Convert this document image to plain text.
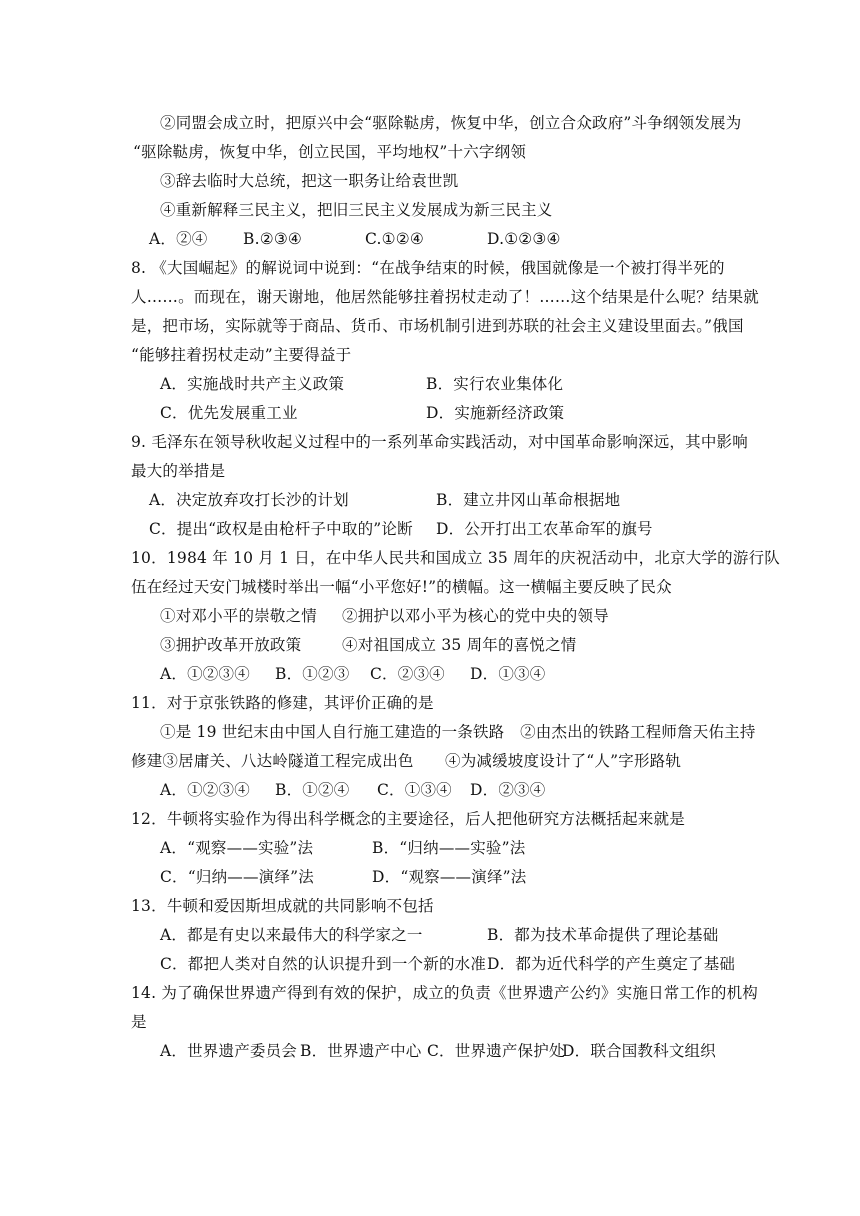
②同盟会成立时，把原兴中会“驱除鞑虏，恢复中华，创立合众政府”斗争纲领发展为
“驱除鞑虏，恢复中华，创立民国，平均地权”十六字纲领
③辞去临时大总统，把这一职务让给袁世凯
④重新解释三民主义，把旧三民主义发展成为新三民主义
A．②④ B.②③④	C.①②④	D.①②③④
8. 《大国崛起》的解说词中说到：“在战争结束的时候，俄国就像是一个被打得半死的
人……。而现在，谢天谢地，他居然能够拄着拐杖走动了！……这个结果是什么呢？结果就
是，把市场，实际就等于商品、货币、市场机制引进到苏联的社会主义建设里面去。”俄国
“能够拄着拐杖走动”主要得益于
A．实施战时共产主义政策	B．实行农业集体化
C．优先发展重工业	D．实施新经济政策
9. 毛泽东在领导秋收起义过程中的一系列革命实践活动，对中国革命影响深远，其中影响
最大的举措是
A．决定放弃攻打长沙的计划	B．建立井冈山革命根据地
C．提出“政权是由枪杆子中取的”论断 D．公开打出工农革命军的旗号
10．1984 年 10 月 1 日，在中华人民共和国成立 35 周年的庆祝活动中，北京大学的游行队
伍在经过天安门城楼时举出一幅“小平您好!”的横幅。这一横幅主要反映了民众
①对邓小平的崇敬之情 ②拥护以邓小平为核心的党中央的领导
③拥护改革开放政策	④对祖国成立 35 周年的喜悦之情
A．①②③④ B．①②③ C．②③④ D．①③④
11．对于京张铁路的修建，其评价正确的是
①是 19 世纪末由中国人自行施工建造的一条铁路　②由杰出的铁路工程师詹天佑主持
修建③居庸关、八达岭隧道工程完成出色　　④为减缓坡度设计了“人”字形路轨
A．①②③④ B．①②④ C．①③④ D．②③④
12．牛顿将实验作为得出科学概念的主要途径，后人把他研究方法概括起来就是
A．“观察——实验”法	B．“归纳——实验”法
C．“归纳——演绎”法	D．“观察——演绎”法
13．牛顿和爱因斯坦成就的共同影响不包括
A．都是有史以来最伟大的科学家之一	B．都为技术革命提供了理论基础
C．都把人类对自然的认识提升到一个新的水准 D．都为近代科学的产生奠定了基础
14. 为了确保世界遗产得到有效的保护，成立的负责《世界遗产公约》实施日常工作的机构
是
A．世界遗产委员会 B．世界遗产中心 C．世界遗产保护处
D．联合国教科文组织
